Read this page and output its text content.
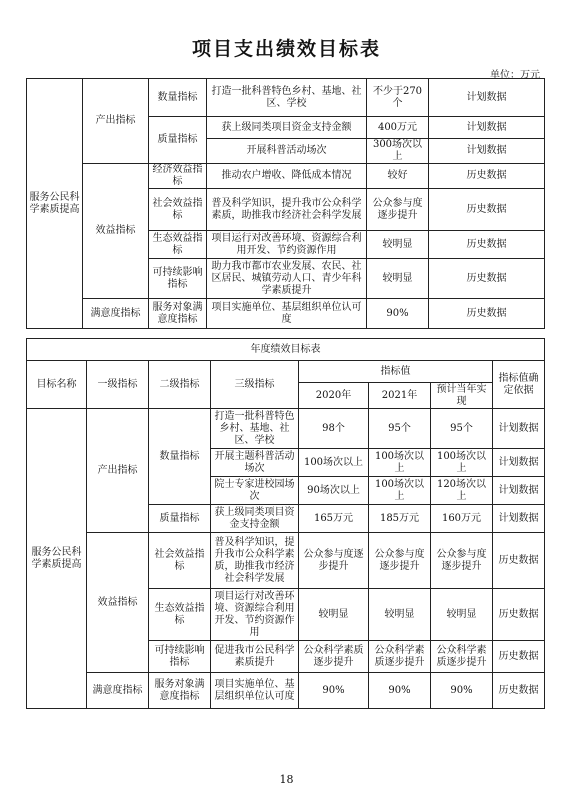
项目支出绩效目标表
单位：万元
服务公民科学素质提高	产出指标	数量指标	打造一批科普特色乡村、基地、社区、学校	不少于270个	计划数据
		质量指标	获上级同类项目资金支持金额	400万元	计划数据
			开展科普活动场次	300场次以上	计划数据
	效益指标	经济效益指标	推动农户增收、降低成本情况	较好	历史数据
		社会效益指标	普及科学知识，提升我市公众科学素质，助推我市经济社会科学发展	公众参与度逐步提升	历史数据
		生态效益指标	项目运行对改善环境、资源综合利用开发、节约资源作用	较明显	历史数据
		可持续影响指标	助力我市都市农业发展、农民、社区居民、城镇劳动人口、青少年科学素质提升	较明显	历史数据
	满意度指标	服务对象满意度指标	项目实施单位、基层组织单位认可度	90%	历史数据
年度绩效目标表							
目标名称	一级指标	二级指标	三级指标	指标值			指标值确定依据
				2020年	2021年	预计当年实现	
服务公民科学素质提高	产出指标	数量指标	打造一批科普特色乡村、基地、社区、学校	98个	95个	95个	计划数据
			开展主题科普活动场次	100场次以上	100场次以上	100场次以上	计划数据
			院士专家进校园场次	90场次以上	100场次以上	120场次以上	计划数据
		质量指标	获上级同类项目资金支持金额	165万元	185万元	160万元	计划数据
	效益指标	社会效益指标	普及科学知识，提升我市公众科学素质，助推我市经济社会科学发展	公众参与度逐步提升	公众参与度逐步提升	公众参与度逐步提升	历史数据
		生态效益指标	项目运行对改善环境、资源综合利用开发、节约资源作用	较明显	较明显	较明显	历史数据
		可持续影响指标	促进我市公民科学素质提升	公众科学素质逐步提升	公众科学素质逐步提升	公众科学素质逐步提升	历史数据
	满意度指标	服务对象满意度指标	项目实施单位、基层组织单位认可度	90%	90%	90%	历史数据
18
